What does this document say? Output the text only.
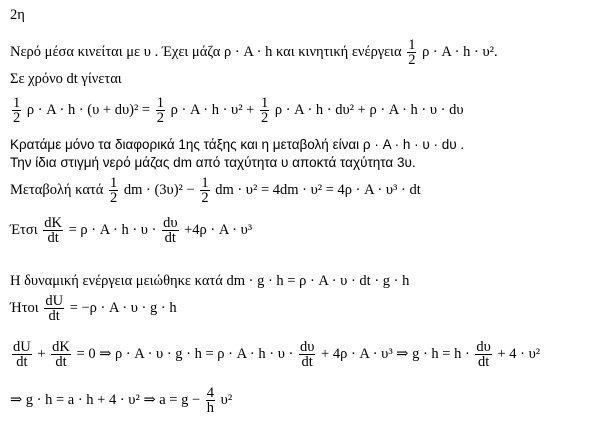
2η
Νερό μέσα κινείται με υ . Έχει μάζα ρ · A · h και κινητική ενέργεια $\frac{1}{2}$ ρ · A · h · υ².
Σε χρόνο dt γίνεται
$\frac{1}{2}$ $\rho \cdot A \cdot h \cdot (\upsilon + d\upsilon)^2 = \frac{1}{2}$ $\rho \cdot A \cdot h \cdot \upsilon^2 + \frac{1}{2}$ ρ · A · h · dυ² + ρ · A · h · υ · dυ
Κρατάμε μόνο τα διαφορικά 1ης τάξης και η μεταβολή είναι ρ · A · h · υ · dυ .
Την ίδια στιγμή νερό μάζας dm από ταχύτητα υ αποκτά ταχύτητα 3υ.
Μεταβολή κατά $\frac{1}{2}$ dm · $(3\upsilon)^2 - \frac{1}{2}$ dm · υ² = 4dm · υ² = 4ρ · A · υ³ · dt
Έτσι $\frac{dK}{dt} = \rho \cdot A \cdot h \cdot \upsilon \cdot \frac{d\upsilon}{dt} +4\rho \cdot A \cdot \upsilon^3$
Η δυναμική ενέργεια μειώθηκε κατά dm · g · h = ρ · A · υ · dt · g · h
Ήτοι $\frac{dU}{dt} = -\rho \cdot A \cdot \upsilon \cdot g \cdot h$
$\frac{dU}{dt} + \frac{dK}{dt} = 0$ ⇒ $\rho \cdot A \cdot \upsilon \cdot g \cdot h = \rho \cdot A \cdot h \cdot \upsilon \cdot \frac{d\upsilon}{dt} + 4\rho \cdot A \cdot \upsilon^3$ ⇒ $g \cdot h = h \cdot \frac{d\upsilon}{dt} + 4 \cdot \upsilon^2$
⇒ g · h = a · h + 4 · υ² ⇒ $a = g - \frac{4}{h} \upsilon^2$
